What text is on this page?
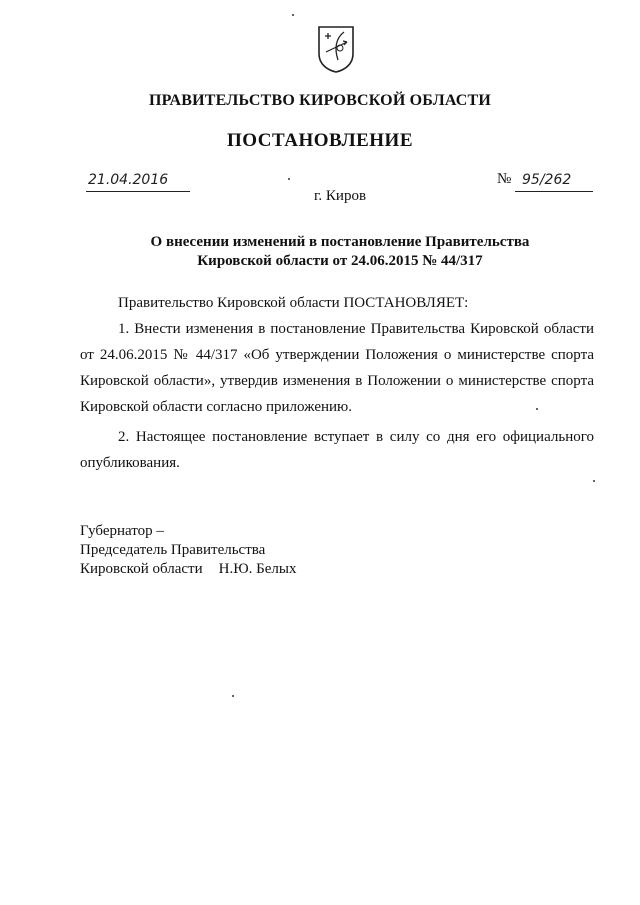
ПРАВИТЕЛЬСТВО КИРОВСКОЙ ОБЛАСТИ
ПОСТАНОВЛЕНИЕ
21.04.2016	№ 95/262
г. Киров
О внесении изменений в постановление Правительства
Кировской области от 24.06.2015 № 44/317
Правительство Кировской области ПОСТАНОВЛЯЕТ:
1. Внести изменения в постановление Правительства Кировской области от 24.06.2015 № 44/317 «Об утверждении Положения о министерстве спорта Кировской области», утвердив изменения в Положении о министерстве спорта Кировской области согласно приложению.
2. Настоящее постановление вступает в силу со дня его официального опубликования.
Губернатор –
Председатель Правительства
Кировской области Н.Ю. Белых
